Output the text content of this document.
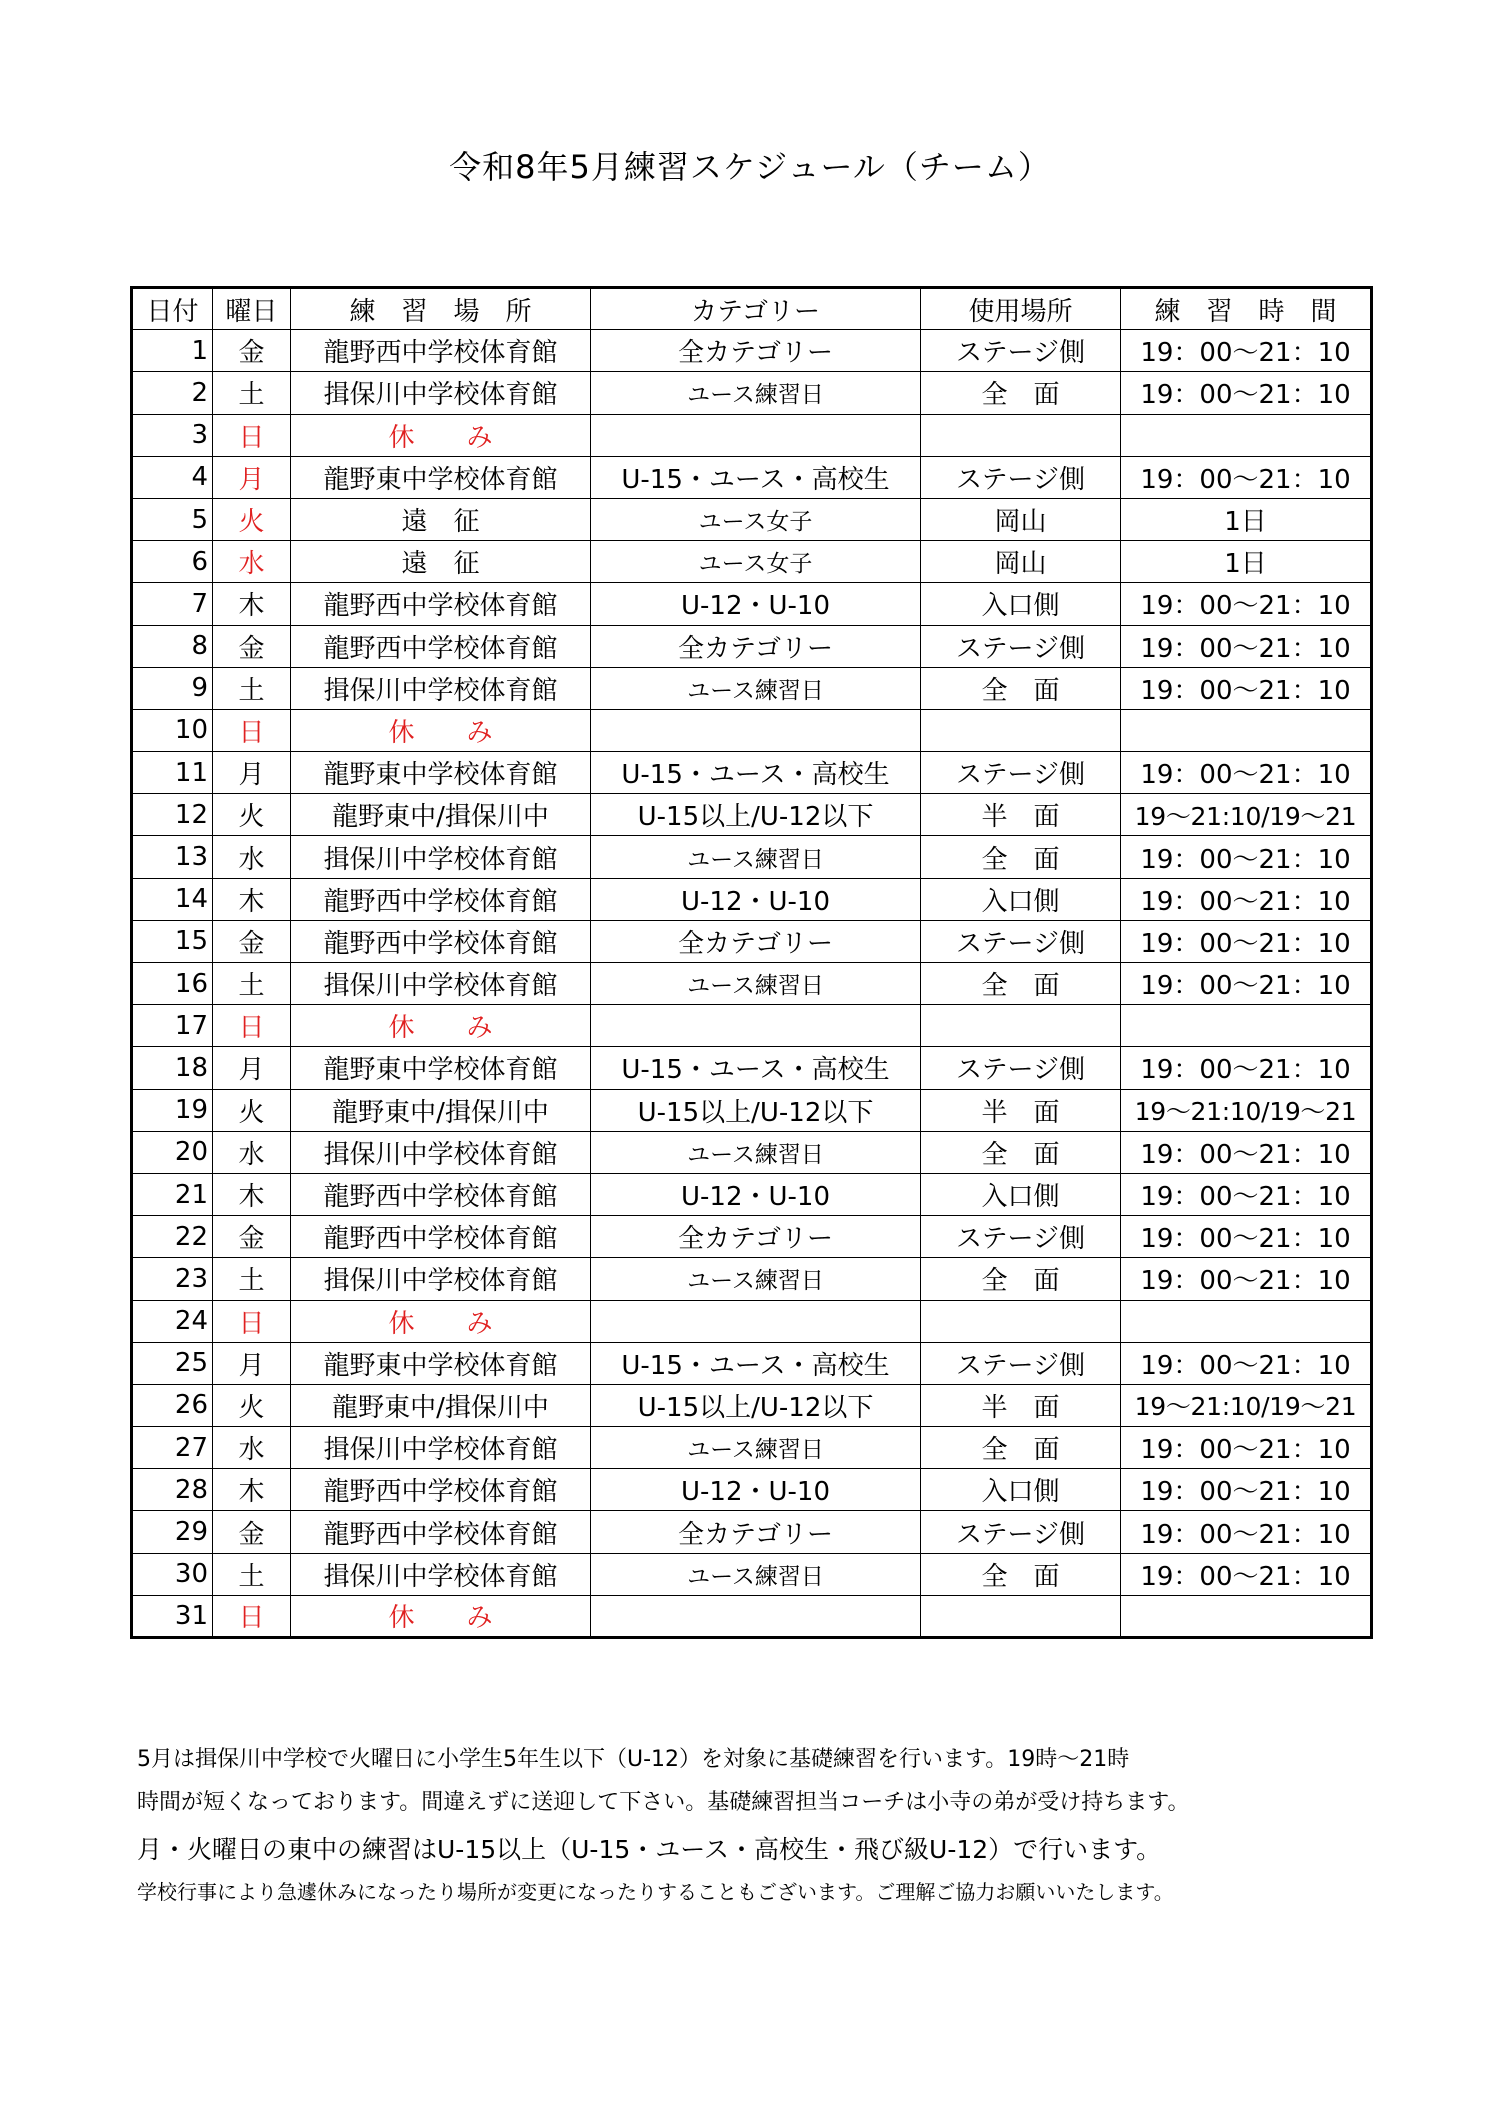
令和8年5月練習スケジュール（チーム）
日付	曜日	練　習　場　所	カテゴリー	使用場所	練　習　時　間
1	金	龍野西中学校体育館	全カテゴリー	ステージ側	19：00～21：10
2	土	揖保川中学校体育館	ユース練習日	全　面	19：00～21：10
3	日	休　　み			
4	月	龍野東中学校体育館	U-15・ユース・高校生	ステージ側	19：00～21：10
5	火	遠　征	ユース女子	岡山	1日
6	水	遠　征	ユース女子	岡山	1日
7	木	龍野西中学校体育館	U-12・U-10	入口側	19：00～21：10
8	金	龍野西中学校体育館	全カテゴリー	ステージ側	19：00～21：10
9	土	揖保川中学校体育館	ユース練習日	全　面	19：00～21：10
10	日	休　　み			
11	月	龍野東中学校体育館	U-15・ユース・高校生	ステージ側	19：00～21：10
12	火	龍野東中/揖保川中	U-15以上/U-12以下	半　面	19～21:10/19～21
13	水	揖保川中学校体育館	ユース練習日	全　面	19：00～21：10
14	木	龍野西中学校体育館	U-12・U-10	入口側	19：00～21：10
15	金	龍野西中学校体育館	全カテゴリー	ステージ側	19：00～21：10
16	土	揖保川中学校体育館	ユース練習日	全　面	19：00～21：10
17	日	休　　み			
18	月	龍野東中学校体育館	U-15・ユース・高校生	ステージ側	19：00～21：10
19	火	龍野東中/揖保川中	U-15以上/U-12以下	半　面	19～21:10/19～21
20	水	揖保川中学校体育館	ユース練習日	全　面	19：00～21：10
21	木	龍野西中学校体育館	U-12・U-10	入口側	19：00～21：10
22	金	龍野西中学校体育館	全カテゴリー	ステージ側	19：00～21：10
23	土	揖保川中学校体育館	ユース練習日	全　面	19：00～21：10
24	日	休　　み			
25	月	龍野東中学校体育館	U-15・ユース・高校生	ステージ側	19：00～21：10
26	火	龍野東中/揖保川中	U-15以上/U-12以下	半　面	19～21:10/19～21
27	水	揖保川中学校体育館	ユース練習日	全　面	19：00～21：10
28	木	龍野西中学校体育館	U-12・U-10	入口側	19：00～21：10
29	金	龍野西中学校体育館	全カテゴリー	ステージ側	19：00～21：10
30	土	揖保川中学校体育館	ユース練習日	全　面	19：00～21：10
31	日	休　　み			
5月は揖保川中学校で火曜日に小学生5年生以下（U-12）を対象に基礎練習を行います。19時～21時
時間が短くなっております。間違えずに送迎して下さい。基礎練習担当コーチは小寺の弟が受け持ちます。
月・火曜日の東中の練習はU-15以上（U-15・ユース・高校生・飛び級U-12）で行います。
学校行事により急遽休みになったり場所が変更になったりすることもございます。ご理解ご協力お願いいたします。
